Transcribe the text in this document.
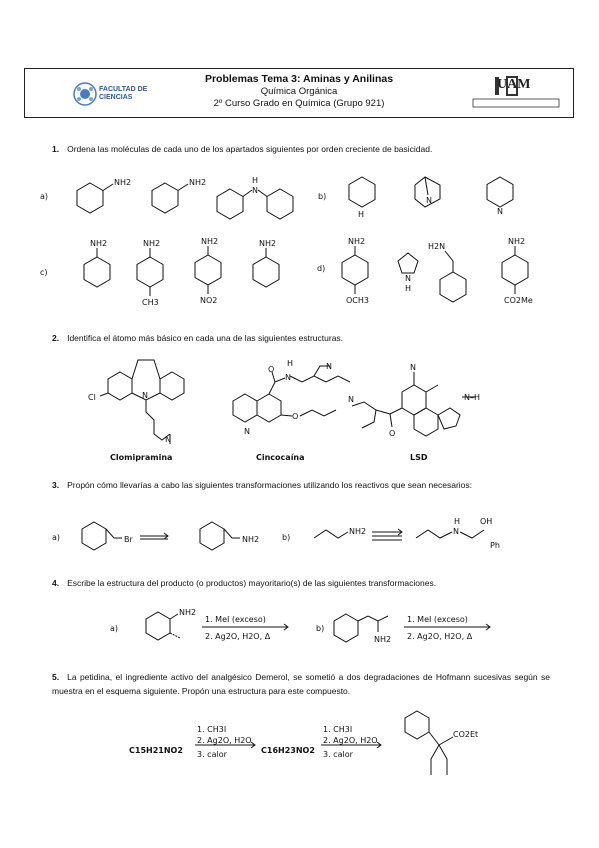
FACULTAD DE CIENCIAS
Problemas Tema 3: Aminas y Anilinas
Química Orgánica
2º Curso Grado en Química (Grupo 921)
UAM
1. Ordena las moléculas de cada uno de los apartados siguientes por orden creciente de basicidad.
a)
NH2	NH2
N
H
b)
H
N
N
c)
NH2	NH2
CH3
NH2
NO2
NH2
d)
NH2
OCH3
N
H
H2N
NH2
CO2Me
2. Identifica el átomo más básico en cada una de las siguientes estructuras.
Cl	N
N
O
N
H	N
N
O
N
N–H
N
O
Clomipramina	Cincocaína	LSD
3. Propón cómo llevarías a cabo las siguientes transformaciones utilizando los reactivos que sean necesarios:
a)	Br	NH2	b)
NH2	N
H OH
Ph
4. Escribe la estructura del producto (o productos) mayoritario(s) de las siguientes transformaciones.
a)
NH2
1. MeI (exceso)
2. Ag2O, H2O, Δ
b)
NH2
1. MeI (exceso)
2. Ag2O, H2O, Δ
5. La petidina, el ingrediente activo del analgésico Demerol, se sometió a dos degradaciones de Hofmann sucesivas según se muestra en el esquema siguiente. Propón una estructura para este compuesto.
C15H21NO2
1. CH3I
2. Ag2O, H2O
3. calor	C16H23NO2
1. CH3I
2. Ag2O, H2O
3. calor
CO2Et
